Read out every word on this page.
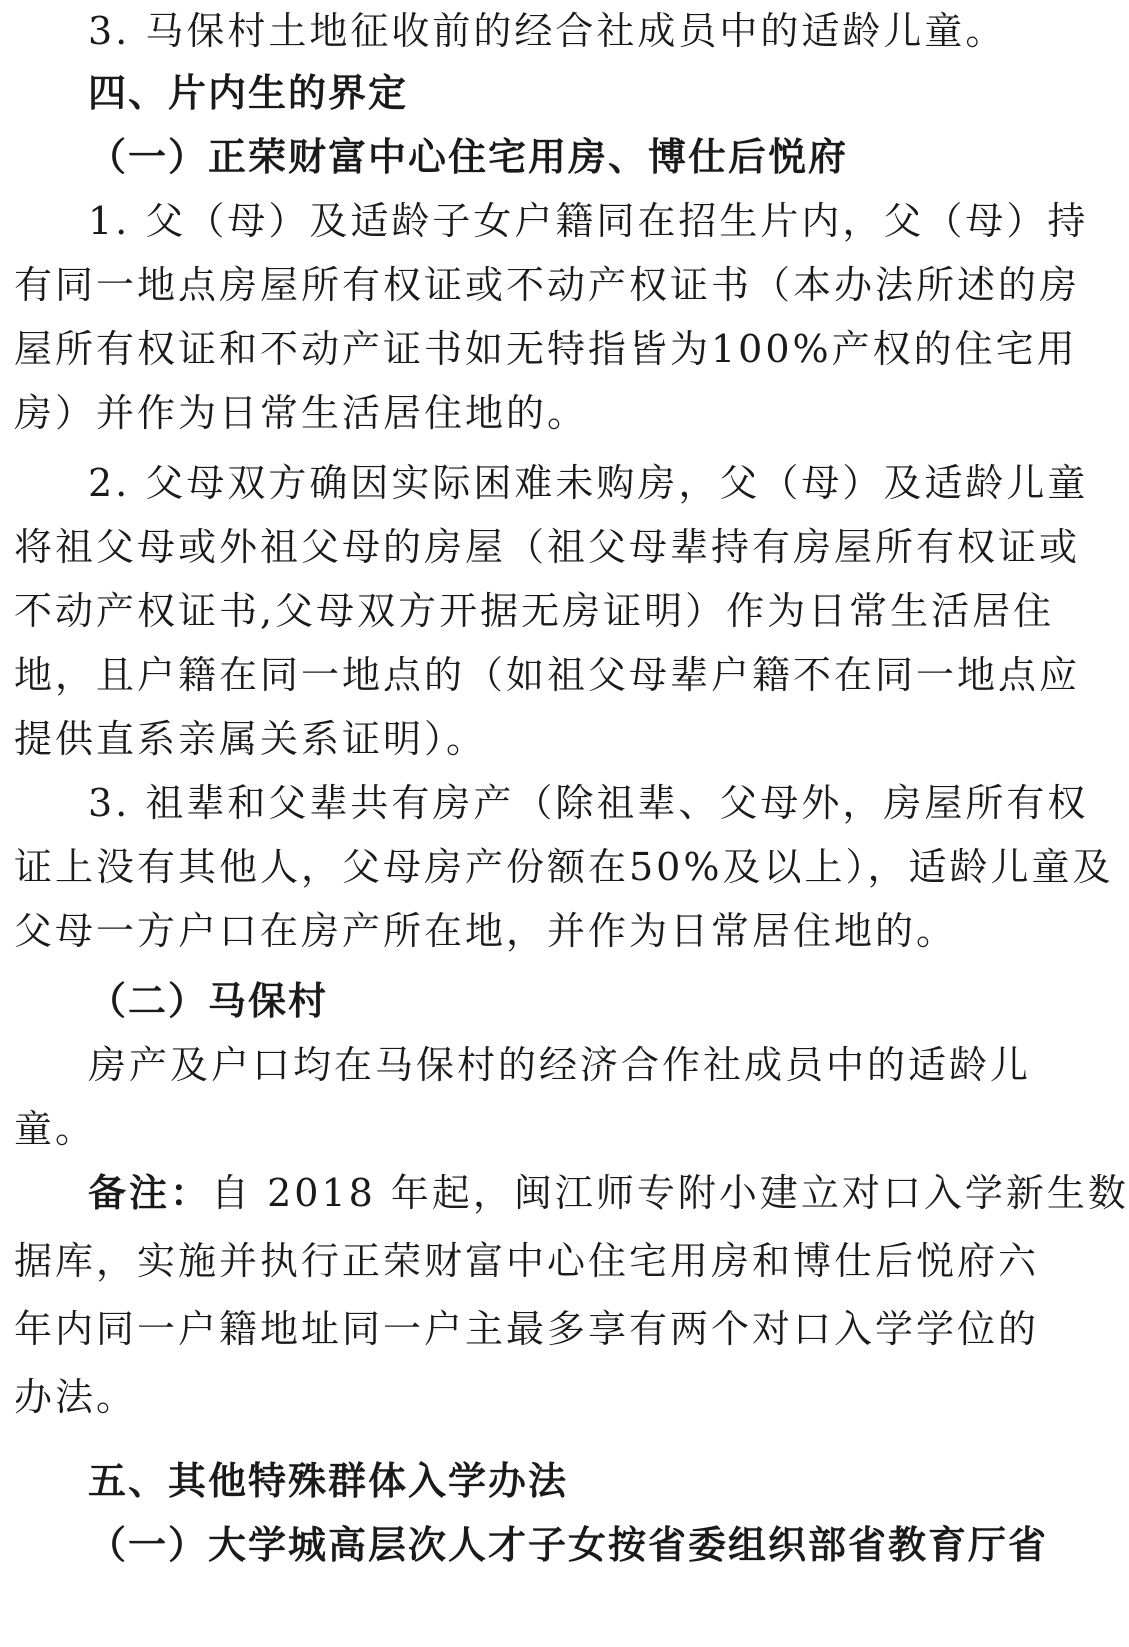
3. 马保村土地征收前的经合社成员中的适龄儿童。
四、片内生的界定
（一）正荣财富中心住宅用房、博仕后悦府
1. 父（母）及适龄子女户籍同在招生片内，父（母）持
有同一地点房屋所有权证或不动产权证书（本办法所述的房
屋所有权证和不动产证书如无特指皆为100%产权的住宅用
房）并作为日常生活居住地的。
2. 父母双方确因实际困难未购房，父（母）及适龄儿童
将祖父母或外祖父母的房屋（祖父母辈持有房屋所有权证或
不动产权证书,父母双方开据无房证明）作为日常生活居住
地，且户籍在同一地点的（如祖父母辈户籍不在同一地点应
提供直系亲属关系证明）。
3. 祖辈和父辈共有房产（除祖辈、父母外，房屋所有权
证上没有其他人，父母房产份额在50%及以上），适龄儿童及
父母一方户口在房产所在地，并作为日常居住地的。
（二）马保村
房产及户口均在马保村的经济合作社成员中的适龄儿
童。
备注：自 2018 年起，闽江师专附小建立对口入学新生数
据库，实施并执行正荣财富中心住宅用房和博仕后悦府六
年内同一户籍地址同一户主最多享有两个对口入学学位的
办法。
五、其他特殊群体入学办法
（一）大学城高层次人才子女按省委组织部省教育厅省
